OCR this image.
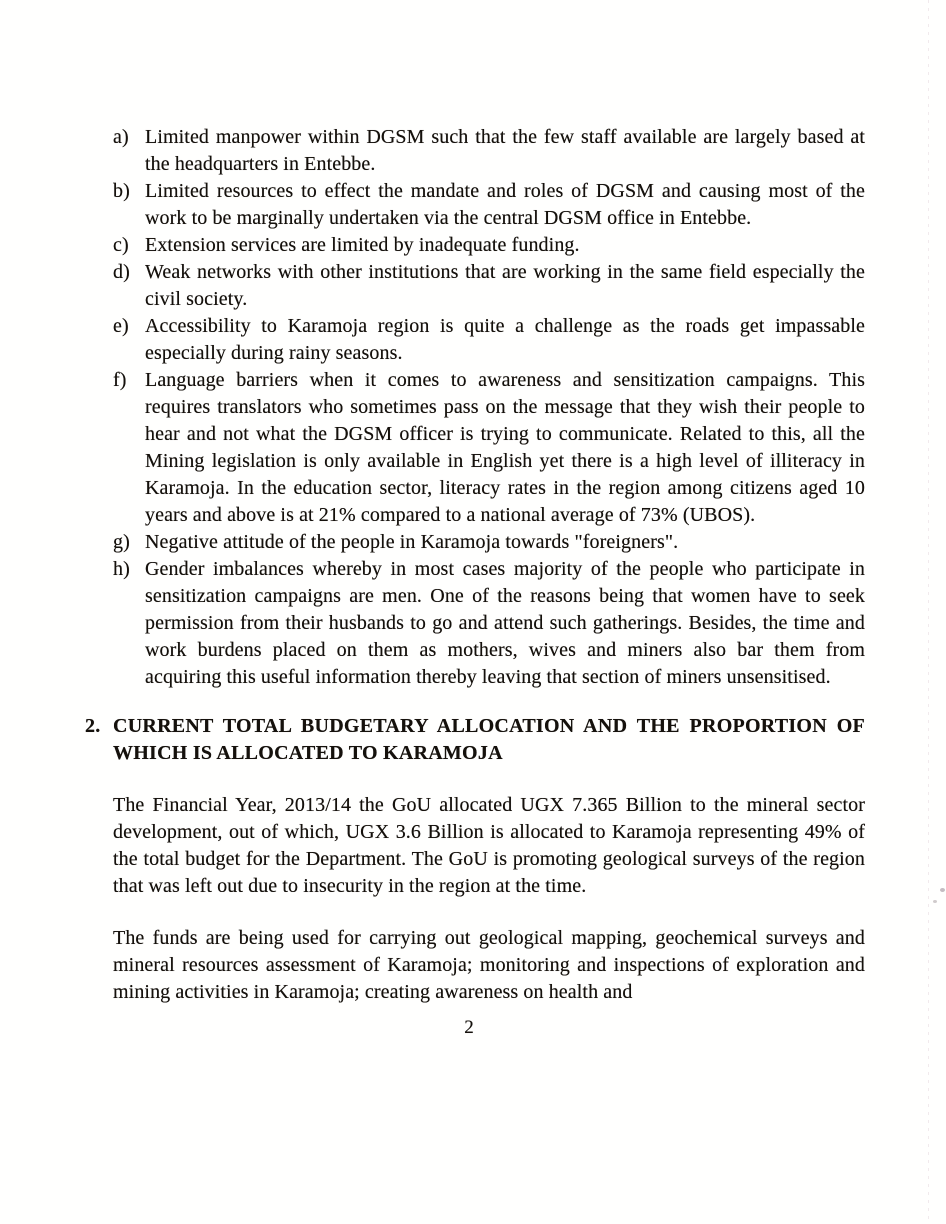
a) Limited manpower within DGSM such that the few staff available are largely based at the headquarters in Entebbe.
b) Limited resources to effect the mandate and roles of DGSM and causing most of the work to be marginally undertaken via the central DGSM office in Entebbe.
c) Extension services are limited by inadequate funding.
d) Weak networks with other institutions that are working in the same field especially the civil society.
e) Accessibility to Karamoja region is quite a challenge as the roads get impassable especially during rainy seasons.
f) Language barriers when it comes to awareness and sensitization campaigns. This requires translators who sometimes pass on the message that they wish their people to hear and not what the DGSM officer is trying to communicate. Related to this, all the Mining legislation is only available in English yet there is a high level of illiteracy in Karamoja. In the education sector, literacy rates in the region among citizens aged 10 years and above is at 21% compared to a national average of 73% (UBOS).
g) Negative attitude of the people in Karamoja towards "foreigners".
h) Gender imbalances whereby in most cases majority of the people who participate in sensitization campaigns are men. One of the reasons being that women have to seek permission from their husbands to go and attend such gatherings. Besides, the time and work burdens placed on them as mothers, wives and miners also bar them from acquiring this useful information thereby leaving that section of miners unsensitised.
2. CURRENT TOTAL BUDGETARY ALLOCATION AND THE PROPORTION OF WHICH IS ALLOCATED TO KARAMOJA

The Financial Year, 2013/14 the GoU allocated UGX 7.365 Billion to the mineral sector development, out of which, UGX 3.6 Billion is allocated to Karamoja representing 49% of the total budget for the Department. The GoU is promoting geological surveys of the region that was left out due to insecurity in the region at the time.

The funds are being used for carrying out geological mapping, geochemical surveys and mineral resources assessment of Karamoja; monitoring and inspections of exploration and mining activities in Karamoja; creating awareness on health and

2
